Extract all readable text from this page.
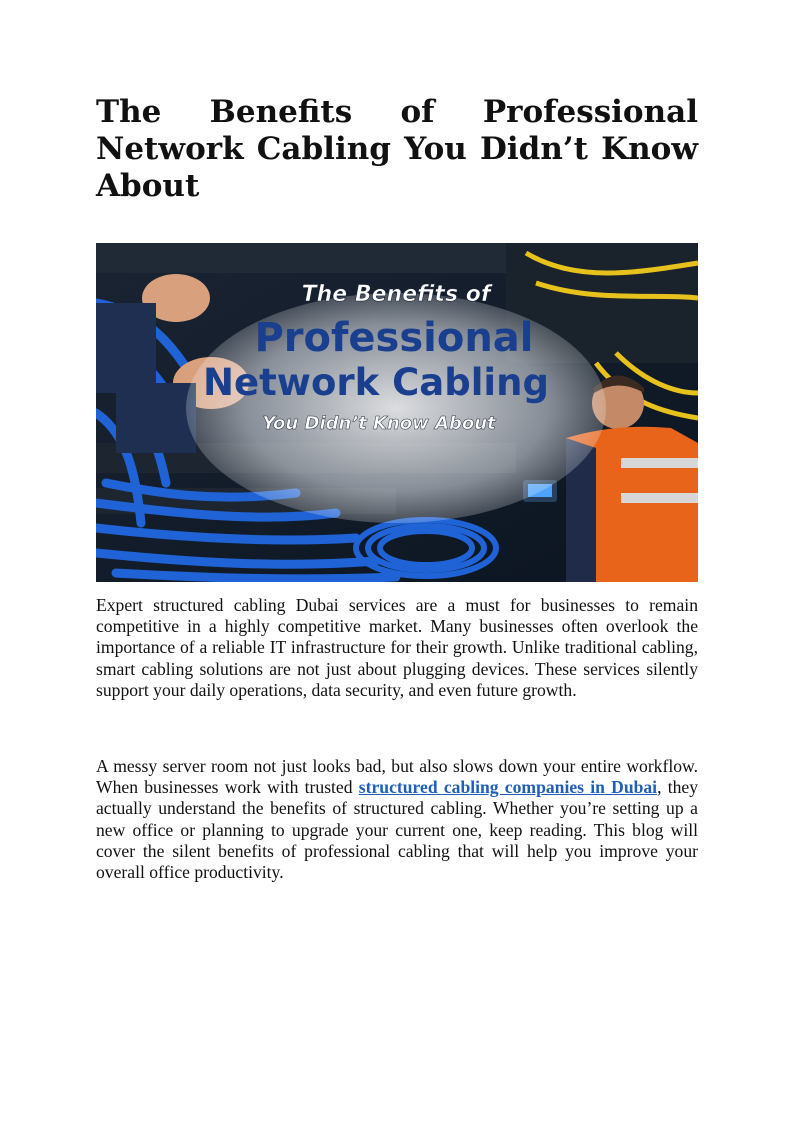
The Benefits of Professional Network Cabling You Didn’t Know About
The Benefits of
Professional
Network Cabling
You Didn’t Know About

Expert structured cabling Dubai services are a must for businesses to remain competitive in a highly competitive market. Many businesses often overlook the importance of a reliable IT infrastructure for their growth. Unlike traditional cabling, smart cabling solutions are not just about plugging devices. These services silently support your daily operations, data security, and even future growth.

A messy server room not just looks bad, but also slows down your entire workflow. When businesses work with trusted structured cabling companies in Dubai, they actually understand the benefits of structured cabling. Whether you’re setting up a new office or planning to upgrade your current one, keep reading. This blog will cover the silent benefits of professional cabling that will help you improve your overall office productivity.
